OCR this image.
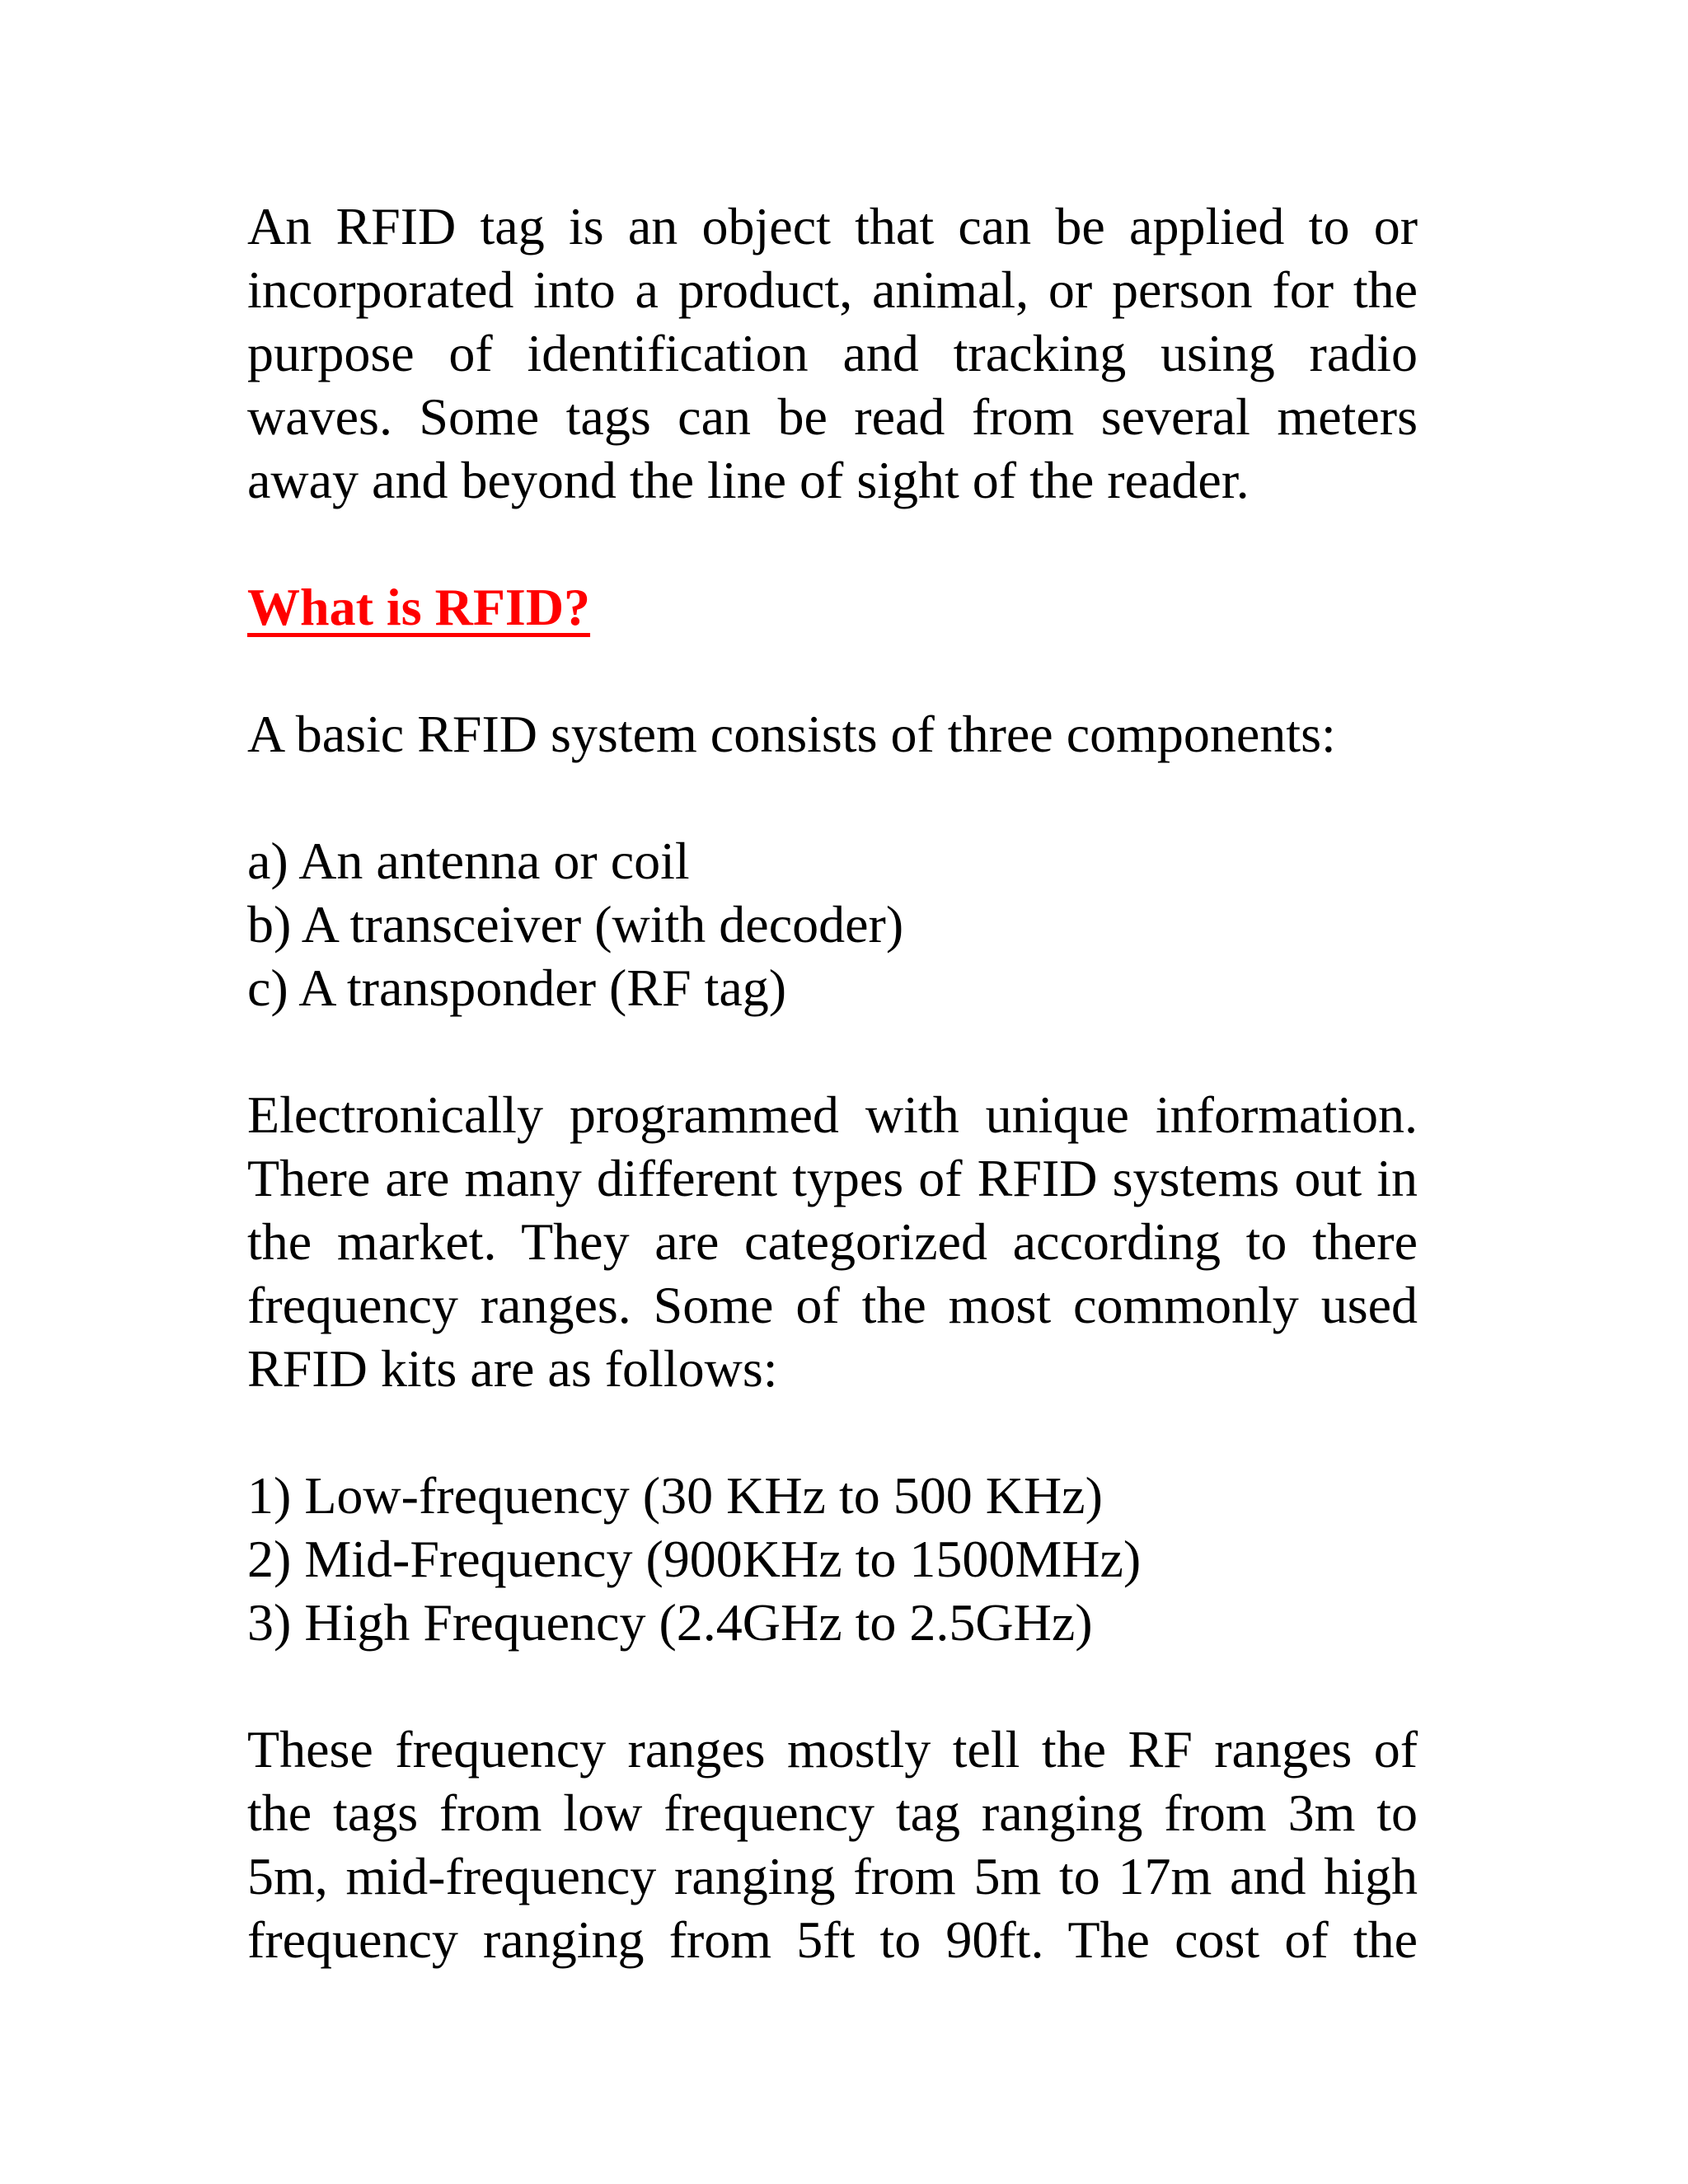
An RFID tag is an object that can be applied to or incorporated into a product, animal, or person for the purpose of identification and tracking using radio waves. Some tags can be read from several meters away and beyond the line of sight of the reader.

What is RFID?

A basic RFID system consists of three components:

a) An antenna or coil
b) A transceiver (with decoder)
c) A transponder (RF tag)

Electronically programmed with unique information. There are many different types of RFID systems out in the market. They are categorized according to there frequency ranges. Some of the most commonly used RFID kits are as follows:

1) Low-frequency (30 KHz to 500 KHz)
2) Mid-Frequency (900KHz to 1500MHz)
3) High Frequency (2.4GHz to 2.5GHz)

These frequency ranges mostly tell the RF ranges of the tags from low frequency tag ranging from 3m to 5m, mid-frequency ranging from 5m to 17m and high frequency ranging from 5ft to 90ft. The cost of the
